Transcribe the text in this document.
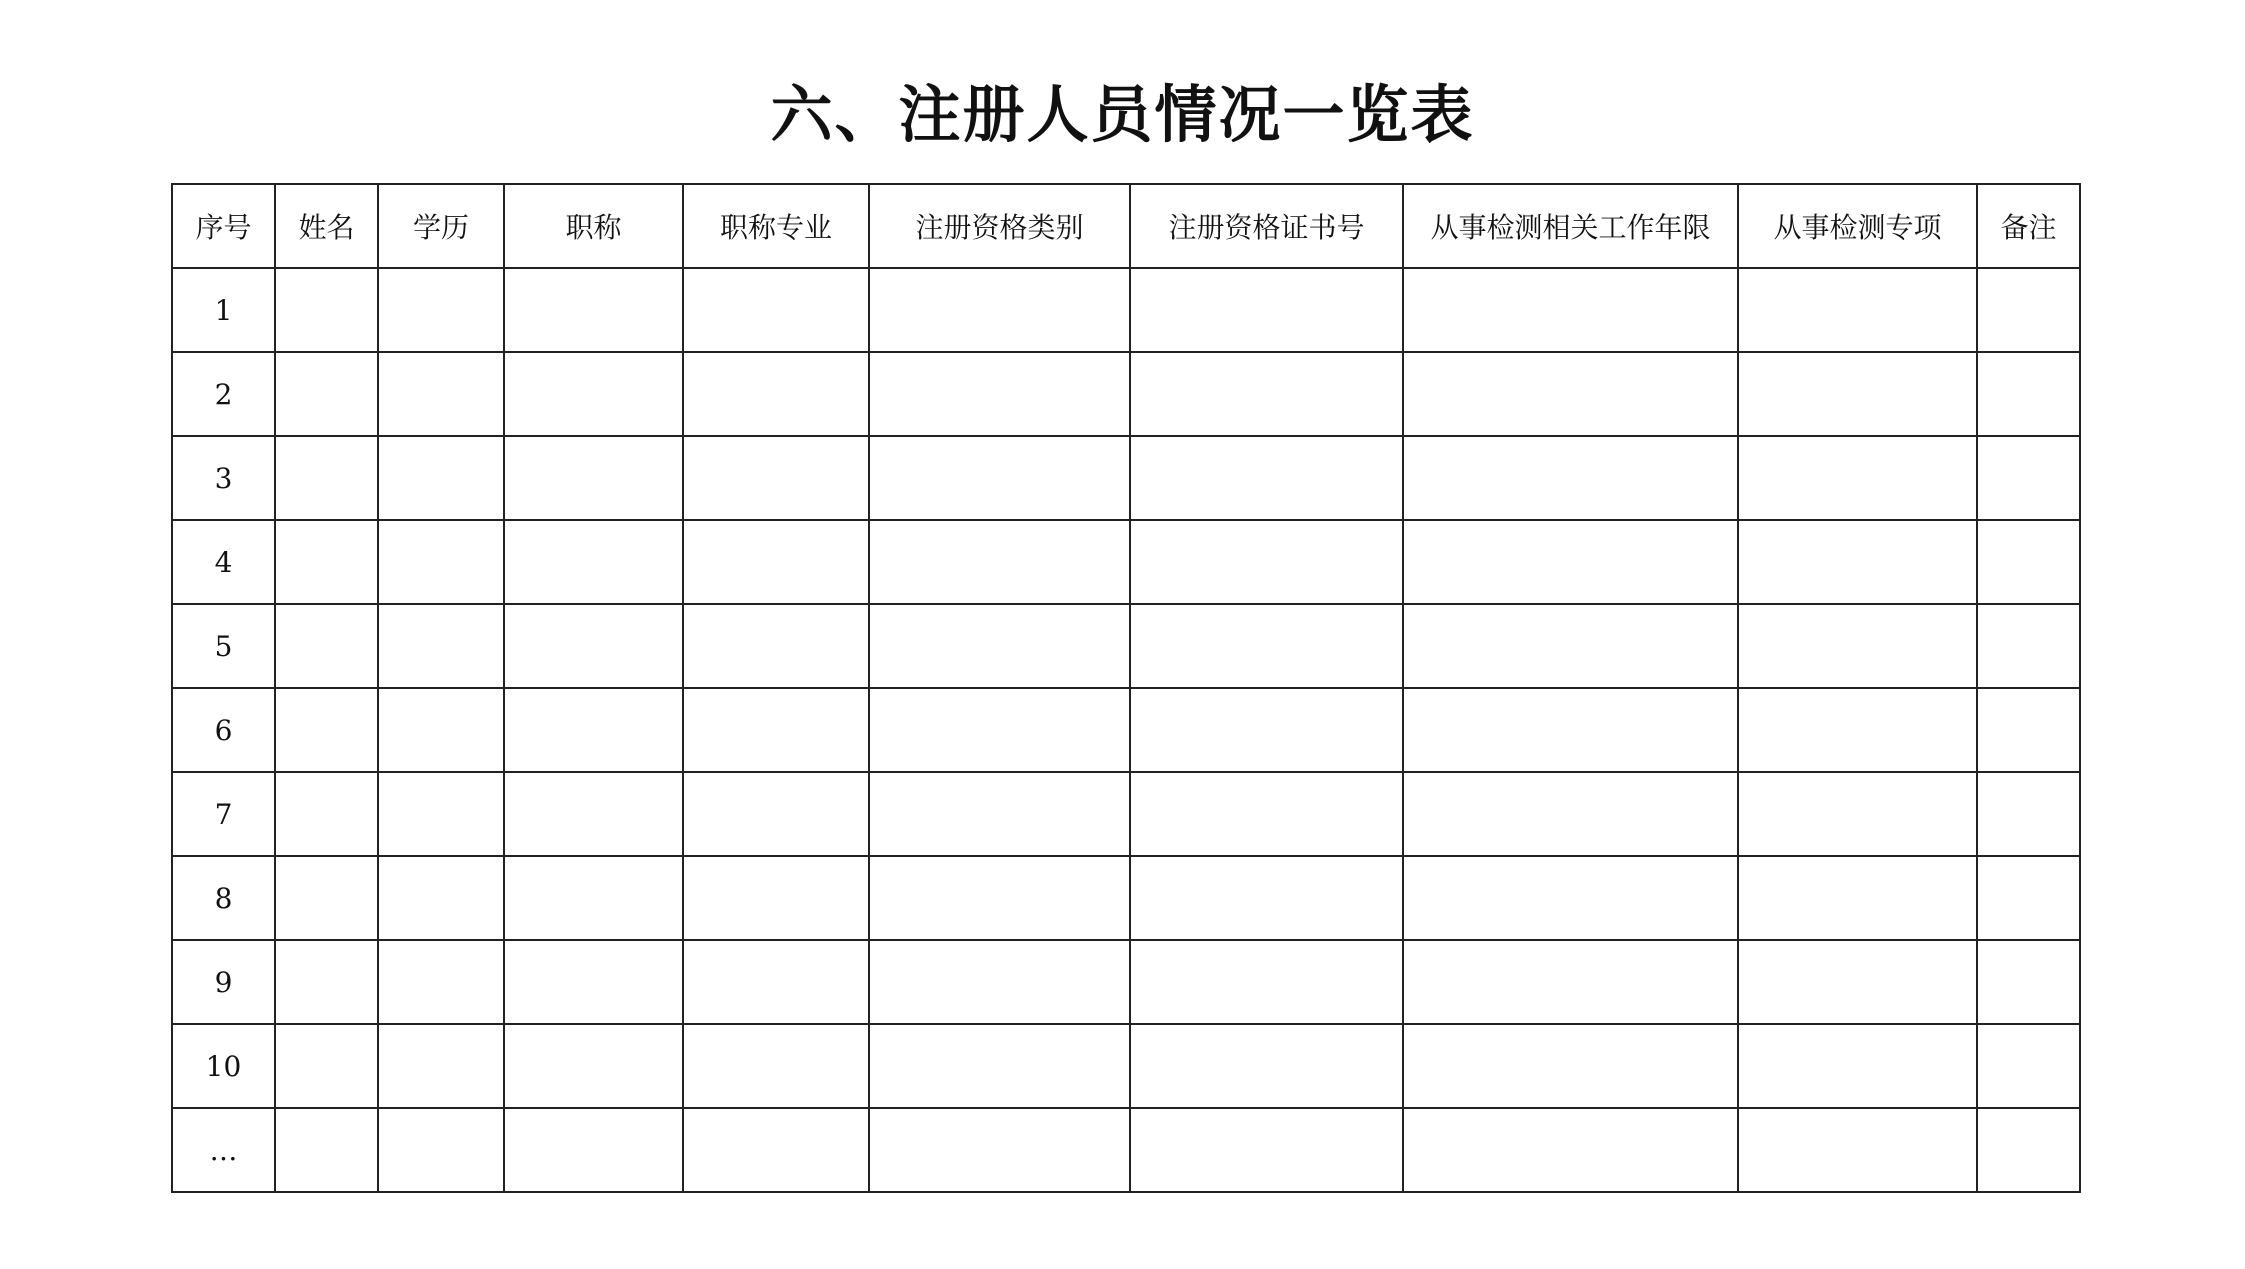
六、注册人员情况一览表
序号	姓名	学历	职称	职称专业	注册资格类别	注册资格证书号	从事检测相关工作年限	从事检测专项	备注
1									
2									
3									
4									
5									
6									
7									
8									
9									
10									
…									
